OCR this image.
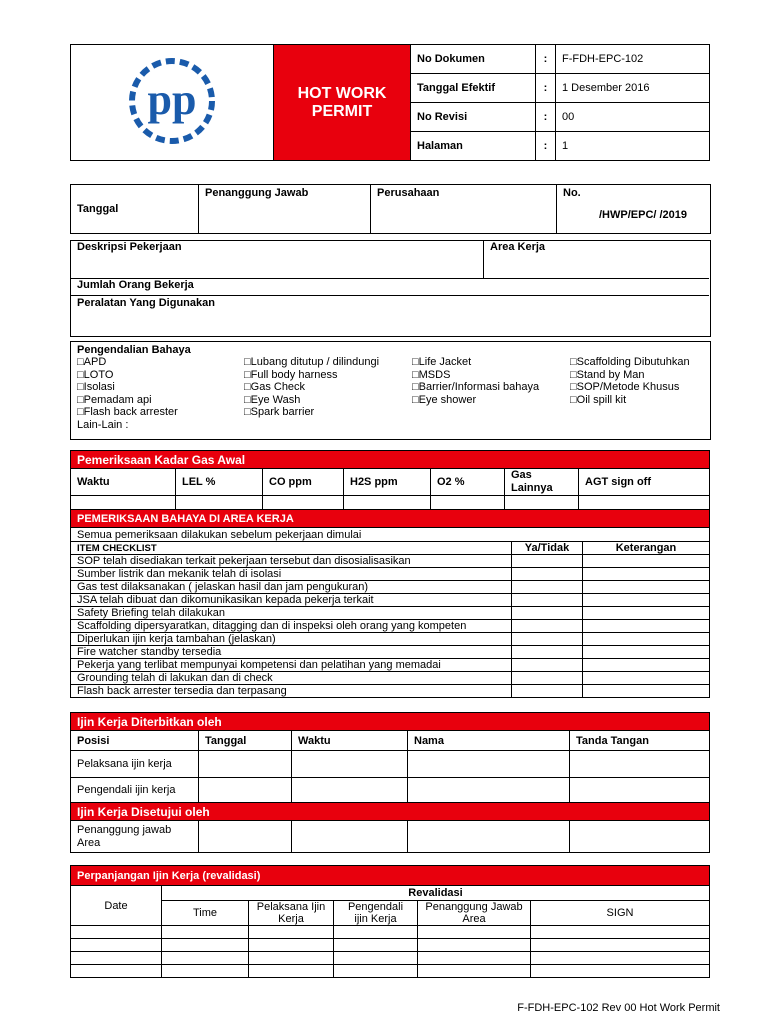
pp	HOT WORK
PERMIT	No Dokumen	:	F-FDH-EPC-102
		Tanggal Efektif	:	1 Desember 2016
		No Revisi	:	00
		Halaman	:	1
Tanggal	Penanggung Jawab	Perusahaan	No.
/HWP/EPC/ /2019
Deskripsi Pekerjaan	Area Kerja
Jumlah Orang Bekerja
Peralatan Yang Digunakan
Pengendalian Bahaya
□APD
□LOTO
□Isolasi
□Pemadam api
□Flash back arrester
Lain-Lain :
□Lubang ditutup / dilindungi
□Full body harness
□Gas Check
□Eye Wash
□Spark barrier
□Life Jacket
□MSDS
□Barrier/Informasi bahaya
□Eye shower
□Scaffolding Dibutuhkan
□Stand by Man
□SOP/Metode Khusus
□Oil spill kit
Pemeriksaan Kadar Gas Awal						
Waktu	LEL %	CO ppm	H2S ppm	O2 %	Gas Lainnya	AGT sign off

PEMERIKSAAN BAHAYA DI AREA KERJA		
Semua pemeriksaan dilakukan sebelum pekerjaan dimulai		
ITEM CHECKLIST	Ya/Tidak	Keterangan
SOP telah disediakan terkait pekerjaan tersebut dan disosialisasikan		
Sumber listrik dan mekanik telah di isolasi		
Gas test dilaksanakan ( jelaskan hasil dan jam pengukuran)		
JSA telah dibuat dan dikomunikasikan kepada pekerja terkait		
Safety Briefing telah dilakukan		
Scaffolding dipersyaratkan, ditagging dan di inspeksi oleh orang yang kompeten		
Diperlukan ijin kerja tambahan (jelaskan)		
Fire watcher standby tersedia		
Pekerja yang terlibat mempunyai kompetensi dan pelatihan yang memadai		
Grounding telah di lakukan dan di check		
Flash back arrester tersedia dan terpasang		
Ijin Kerja Diterbitkan oleh				
Posisi	Tanggal	Waktu	Nama	Tanda Tangan
Pelaksana ijin kerja				
Pengendali ijin kerja				
Ijin Kerja Disetujui oleh				
Penanggung jawab Area				
Perpanjangan Ijin Kerja (revalidasi)					
Date	Revalidasi				
	Time	Pelaksana Ijin Kerja	Pengendali ijin Kerja	Penanggung Jawab Area	SIGN

F-FDH-EPC-102 Rev 00 Hot Work Permit
